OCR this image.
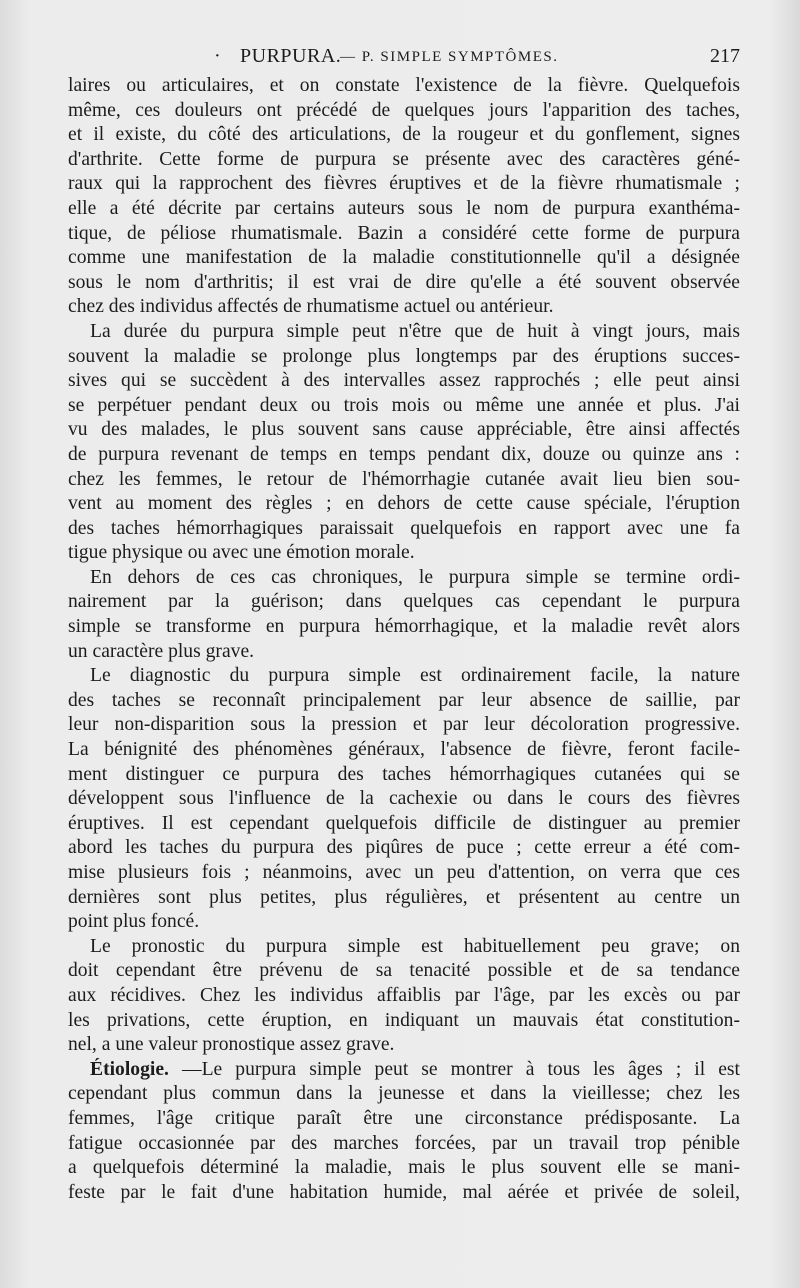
· PURPURA.
— P. SIMPLE SYMPTÔMES.	217
laires ou articulaires, et on constate l'existence de la fièvre. Quelquefois
même, ces douleurs ont précédé de quelques jours l'apparition des taches,
et il existe, du côté des articulations, de la rougeur et du gonflement, signes
d'arthrite. Cette forme de purpura se présente avec des caractères géné-
raux qui la rapprochent des fièvres éruptives et de la fièvre rhumatismale ;
elle a été décrite par certains auteurs sous le nom de purpura exanthéma-
tique, de péliose rhumatismale. Bazin a considéré cette forme de purpura
comme une manifestation de la maladie constitutionnelle qu'il a désignée
sous le nom d'arthritis; il est vrai de dire qu'elle a été souvent observée
chez des individus affectés de rhumatisme actuel ou antérieur.
La durée du purpura simple peut n'être que de huit à vingt jours, mais
souvent la maladie se prolonge plus longtemps par des éruptions succes-
sives qui se succèdent à des intervalles assez rapprochés ; elle peut ainsi
se perpétuer pendant deux ou trois mois ou même une année et plus. J'ai
vu des malades, le plus souvent sans cause appréciable, être ainsi affectés
de purpura revenant de temps en temps pendant dix, douze ou quinze ans :
chez les femmes, le retour de l'hémorrhagie cutanée avait lieu bien sou-
vent au moment des règles ; en dehors de cette cause spéciale, l'éruption
des taches hémorrhagiques paraissait quelquefois en rapport avec une fa
tigue physique ou avec une émotion morale.
En dehors de ces cas chroniques, le purpura simple se termine ordi-
nairement par la guérison; dans quelques cas cependant le purpura
simple se transforme en purpura hémorrhagique, et la maladie revêt alors
un caractère plus grave.
Le diagnostic du purpura simple est ordinairement facile, la nature
des taches se reconnaît principalement par leur absence de saillie, par
leur non-disparition sous la pression et par leur décoloration progressive.
La bénignité des phénomènes généraux, l'absence de fièvre, feront facile-
ment distinguer ce purpura des taches hémorrhagiques cutanées qui se
développent sous l'influence de la cachexie ou dans le cours des fièvres
éruptives. Il est cependant quelquefois difficile de distinguer au premier
abord les taches du purpura des piqûres de puce ; cette erreur a été com-
mise plusieurs fois ; néanmoins, avec un peu d'attention, on verra que ces
dernières sont plus petites, plus régulières, et présentent au centre un
point plus foncé.
Le pronostic du purpura simple est habituellement peu grave; on
doit cependant être prévenu de sa tenacité possible et de sa tendance
aux récidives. Chez les individus affaiblis par l'âge, par les excès ou par
les privations, cette éruption, en indiquant un mauvais état constitution-
nel, a une valeur pronostique assez grave.
Étiologie. —Le purpura simple peut se montrer à tous les âges ; il est
cependant plus commun dans la jeunesse et dans la vieillesse; chez les
femmes, l'âge critique paraît être une circonstance prédisposante. La
fatigue occasionnée par des marches forcées, par un travail trop pénible
a quelquefois déterminé la maladie, mais le plus souvent elle se mani-
feste par le fait d'une habitation humide, mal aérée et privée de soleil,
